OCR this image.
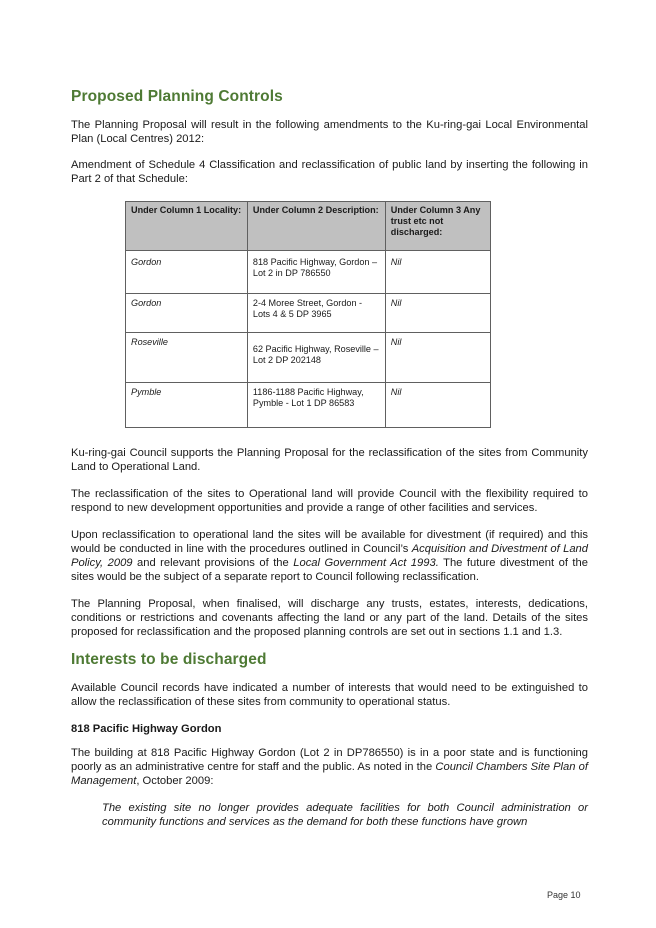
Proposed Planning Controls

The Planning Proposal will result in the following amendments to the Ku-ring-gai Local Environmental Plan (Local Centres) 2012:

Amendment of Schedule 4 Classification and reclassification of public land by inserting the following in Part 2 of that Schedule:

Under Column 1 Locality:	Under Column 2 Description:	Under Column 3 Any trust etc not discharged:
Gordon	818 Pacific Highway, Gordon – Lot 2 in DP 786550	Nil
Gordon	2-4 Moree Street, Gordon - Lots 4 & 5 DP 3965	Nil
Roseville	62 Pacific Highway, Roseville – Lot 2 DP 202148	Nil
Pymble	1186-1188 Pacific Highway, Pymble - Lot 1 DP 86583	Nil

Ku-ring-gai Council supports the Planning Proposal for the reclassification of the sites from Community Land to Operational Land.

The reclassification of the sites to Operational land will provide Council with the flexibility required to respond to new development opportunities and provide a range of other facilities and services.

Upon reclassification to operational land the sites will be available for divestment (if required) and this would be conducted in line with the procedures outlined in Council’s Acquisition and Divestment of Land Policy, 2009 and relevant provisions of the Local Government Act 1993. The future divestment of the sites would be the subject of a separate report to Council following reclassification.

The Planning Proposal, when finalised, will discharge any trusts, estates, interests, dedications, conditions or restrictions and covenants affecting the land or any part of the land. Details of the sites proposed for reclassification and the proposed planning controls are set out in sections 1.1 and 1.3.

Interests to be discharged

Available Council records have indicated a number of interests that would need to be extinguished to allow the reclassification of these sites from community to operational status.

818 Pacific Highway Gordon

The building at 818 Pacific Highway Gordon (Lot 2 in DP786550) is in a poor state and is functioning poorly as an administrative centre for staff and the public. As noted in the Council Chambers Site Plan of Management, October 2009:

The existing site no longer provides adequate facilities for both Council administration or community functions and services as the demand for both these functions have grown

Page 10
